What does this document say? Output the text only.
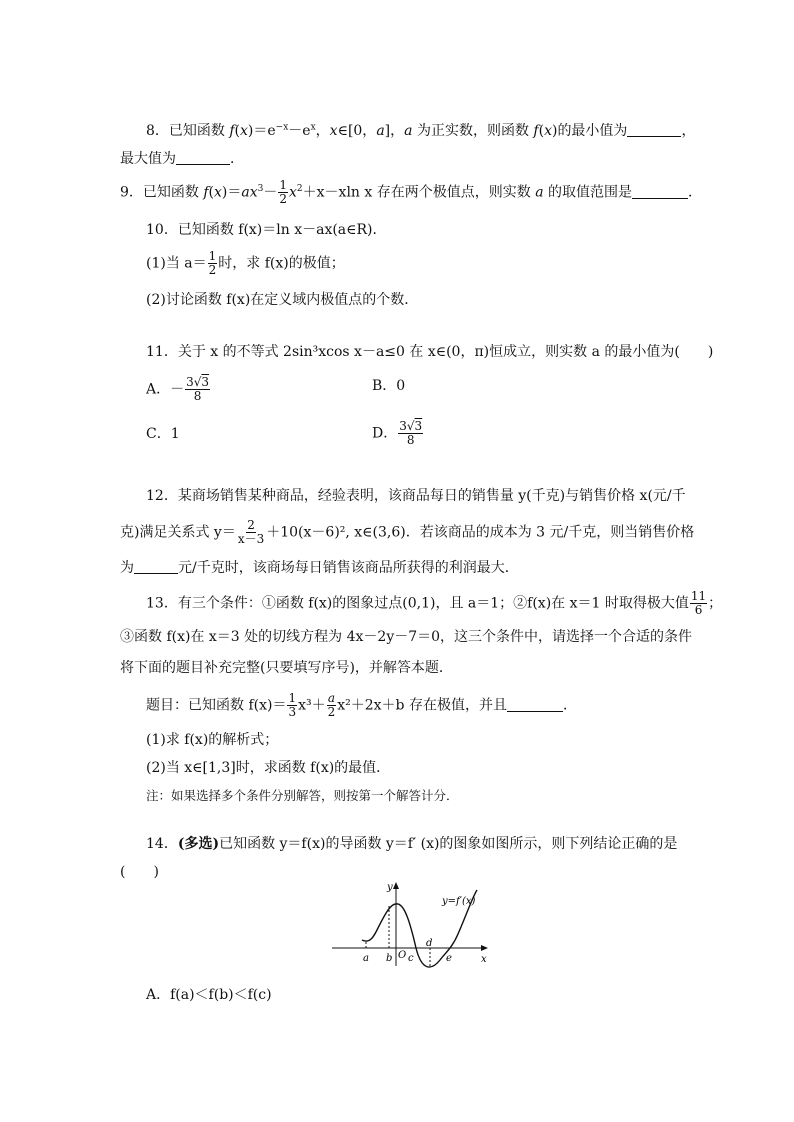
8．已知函数 $f(x)=e^{-x}-e^x$，x∈[0，a]，a 为正实数，则函数 f(x)的最小值为	，
最大值为	．
9．已知函数 $f(x)=ax^3- \frac{1}{2} x^2+x-xln$ x 存在两个极值点，则实数 a 的取值范围是	．
10．已知函数 f(x)＝ln x－ax(a∈R)．
(1)当 $a= \frac{1}{2}$ 时，求 f(x)的极值；
(2)讨论函数 f(x)在定义域内极值点的个数．
11．关于 x 的不等式 2sin³xcos x－a≤0 在 x∈(0，π)恒成立，则实数 a 的最小值为(　　)
A．－ $\frac{3√3}{8}$	B．0
C．1	D． $\frac{3√3}{8}$
12．某商场销售某种商品，经验表明，该商品每日的销售量 y(千克)与销售价格 x(元/千
克)满足关系式 $y= \frac{2}{x-3} +10(x-6)^2$, x∈(3,6)．若该商品的成本为 3 元/千克，则当销售价格
为	元/千克时，该商场每日销售该商品所获得的利润最大．
13．有三个条件：①函数 f(x)的图象过点(0,1)，且 a＝1；②f(x)在 x＝1 时取得极大值 $\frac{11}{6}$ ；
③函数 f(x)在 x＝3 处的切线方程为 4x－2y－7＝0，这三个条件中，请选择一个合适的条件
将下面的题目补充完整(只要填写序号)，并解答本题．
题目：已知函数 $f(x)= \frac{1}{3} x^3+ \frac{a}{2} x^2+2x+b$ 存在极值，并且	．
(1)求 f(x)的解析式；
(2)当 x∈[1,3]时，求函数 f(x)的最值．
注：如果选择多个条件分别解答，则按第一个解答计分．
14．(多选)已知函数 y＝f(x)的导函数 y＝f′ (x)的图象如图所示，则下列结论正确的是
(　　)
y
x
y=f′(x)
a b O c
d
e
A．f(a)＜f(b)＜f(c)
